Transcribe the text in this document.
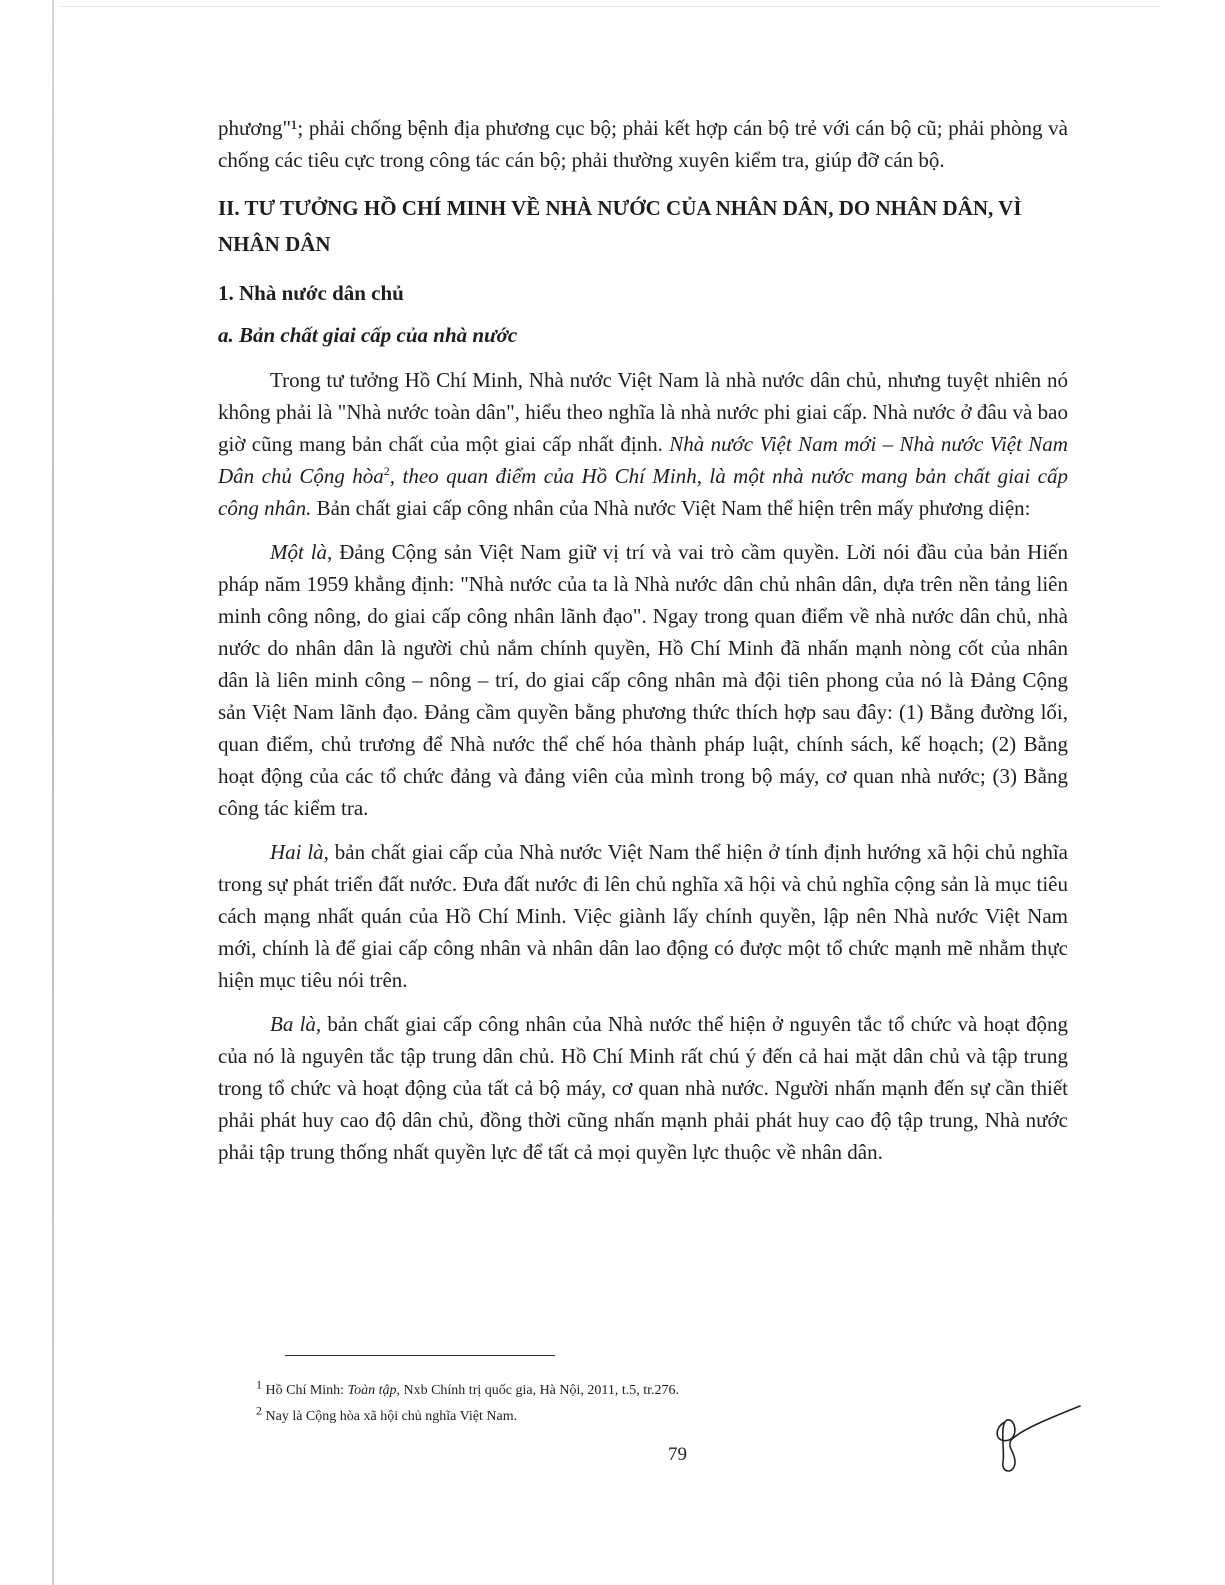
phương"¹; phải chống bệnh địa phương cục bộ; phải kết hợp cán bộ trẻ với cán bộ cũ; phải phòng và chống các tiêu cực trong công tác cán bộ; phải thường xuyên kiểm tra, giúp đỡ cán bộ.

II. TƯ TƯỞNG HỒ CHÍ MINH VỀ NHÀ NƯỚC CỦA NHÂN DÂN, DO NHÂN DÂN, VÌ NHÂN DÂN

1. Nhà nước dân chủ

a. Bản chất giai cấp của nhà nước

Trong tư tưởng Hồ Chí Minh, Nhà nước Việt Nam là nhà nước dân chủ, nhưng tuyệt nhiên nó không phải là "Nhà nước toàn dân", hiểu theo nghĩa là nhà nước phi giai cấp. Nhà nước ở đâu và bao giờ cũng mang bản chất của một giai cấp nhất định. Nhà nước Việt Nam mới – Nhà nước Việt Nam Dân chủ Cộng hòa$^2$, theo quan điểm của Hồ Chí Minh, là một nhà nước mang bản chất giai cấp công nhân. Bản chất giai cấp công nhân của Nhà nước Việt Nam thể hiện trên mấy phương diện:

Một là, Đảng Cộng sản Việt Nam giữ vị trí và vai trò cầm quyền. Lời nói đầu của bản Hiến pháp năm 1959 khẳng định: "Nhà nước của ta là Nhà nước dân chủ nhân dân, dựa trên nền tảng liên minh công nông, do giai cấp công nhân lãnh đạo". Ngay trong quan điểm về nhà nước dân chủ, nhà nước do nhân dân là người chủ nắm chính quyền, Hồ Chí Minh đã nhấn mạnh nòng cốt của nhân dân là liên minh công – nông – trí, do giai cấp công nhân mà đội tiên phong của nó là Đảng Cộng sản Việt Nam lãnh đạo. Đảng cầm quyền bằng phương thức thích hợp sau đây: (1) Bằng đường lối, quan điểm, chủ trương để Nhà nước thể chế hóa thành pháp luật, chính sách, kế hoạch; (2) Bằng hoạt động của các tổ chức đảng và đảng viên của mình trong bộ máy, cơ quan nhà nước; (3) Bằng công tác kiểm tra.

Hai là, bản chất giai cấp của Nhà nước Việt Nam thể hiện ở tính định hướng xã hội chủ nghĩa trong sự phát triển đất nước. Đưa đất nước đi lên chủ nghĩa xã hội và chủ nghĩa cộng sản là mục tiêu cách mạng nhất quán của Hồ Chí Minh. Việc giành lấy chính quyền, lập nên Nhà nước Việt Nam mới, chính là để giai cấp công nhân và nhân dân lao động có được một tổ chức mạnh mẽ nhằm thực hiện mục tiêu nói trên.

Ba là, bản chất giai cấp công nhân của Nhà nước thể hiện ở nguyên tắc tổ chức và hoạt động của nó là nguyên tắc tập trung dân chủ. Hồ Chí Minh rất chú ý đến cả hai mặt dân chủ và tập trung trong tổ chức và hoạt động của tất cả bộ máy, cơ quan nhà nước. Người nhấn mạnh đến sự cần thiết phải phát huy cao độ dân chủ, đồng thời cũng nhấn mạnh phải phát huy cao độ tập trung, Nhà nước phải tập trung thống nhất quyền lực để tất cả mọi quyền lực thuộc về nhân dân.

$^1$ Hồ Chí Minh: Toàn tập, Nxb Chính trị quốc gia, Hà Nội, 2011, t.5, tr.276.

$^2$ Nay là Cộng hòa xã hội chủ nghĩa Việt Nam.

79
